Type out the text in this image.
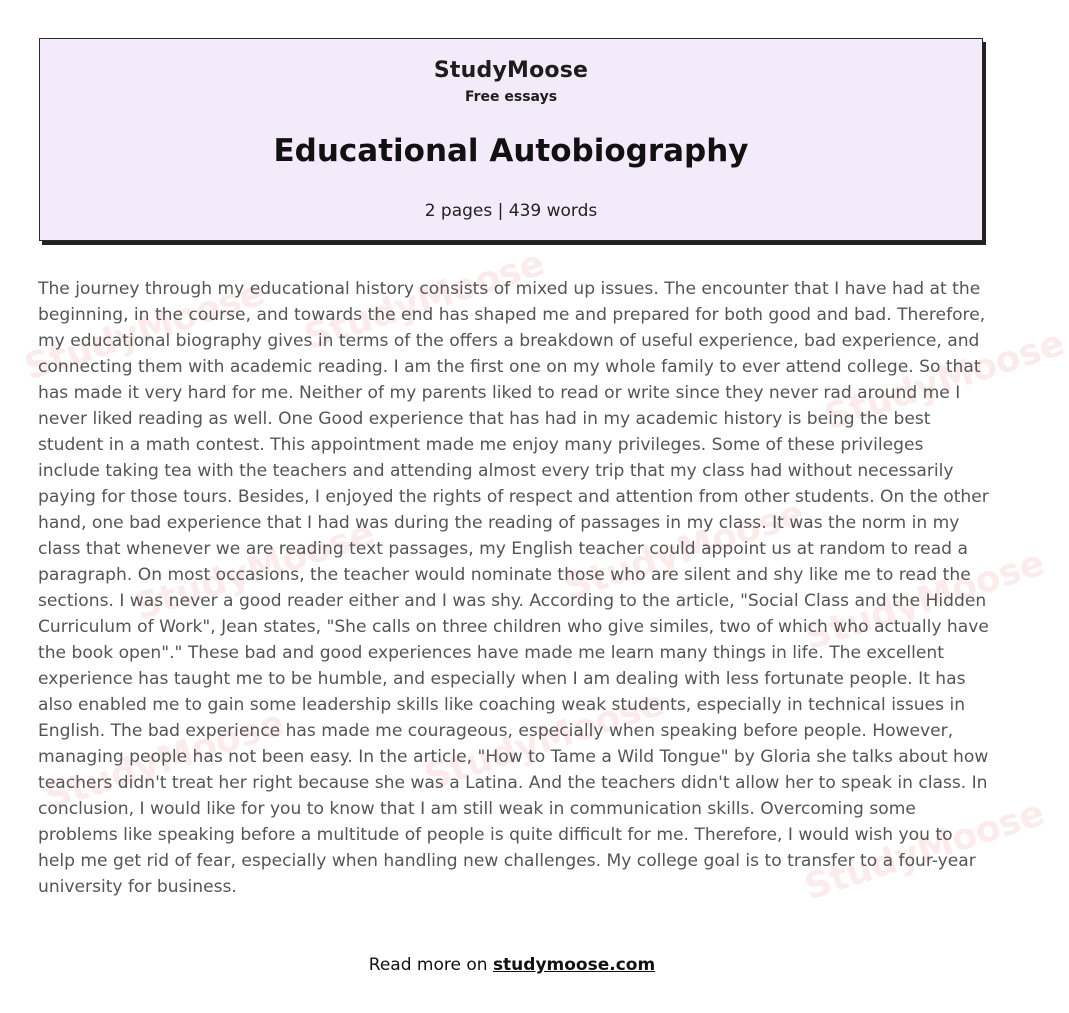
StudyMoose
Free essays
Educational Autobiography
2 pages | 439 words
StudyMoose StudyMoose
StudyMoose
StudyMoose	StudyMoose
StudyMoose
StudyMoose	StudyMoose
StudyMoose

The journey through my educational history consists of mixed up issues. The encounter that I have had at the beginning, in the course, and towards the end has shaped me and prepared for both good and bad. Therefore, my educational biography gives in terms of the offers a breakdown of useful experience, bad experience, and connecting them with academic reading. I am the first one on my whole family to ever attend college. So that has made it very hard for me. Neither of my parents liked to read or write since they never rad around me I never liked reading as well. One Good experience that has had in my academic history is being the best student in a math contest. This appointment made me enjoy many privileges. Some of these privileges include taking tea with the teachers and attending almost every trip that my class had without necessarily paying for those tours. Besides, I enjoyed the rights of respect and attention from other students. On the other hand, one bad experience that I had was during the reading of passages in my class. It was the norm in my class that whenever we are reading text passages, my English teacher could appoint us at random to read a paragraph. On most occasions, the teacher would nominate those who are silent and shy like me to read the sections. I was never a good reader either and I was shy. According to the article, "Social Class and the Hidden Curriculum of Work", Jean states, "She calls on three children who give similes, two of which who actually have the book open"." These bad and good experiences have made me learn many things in life. The excellent experience has taught me to be humble, and especially when I am dealing with less fortunate people. It has also enabled me to gain some leadership skills like coaching weak students, especially in technical issues in English. The bad experience has made me courageous, especially when speaking before people. However, managing people has not been easy. In the article, "How to Tame a Wild Tongue" by Gloria she talks about how teachers didn't treat her right because she was a Latina. And the teachers didn't allow her to speak in class. In conclusion, I would like for you to know that I am still weak in communication skills. Overcoming some problems like speaking before a multitude of people is quite difficult for me. Therefore, I would wish you to help me get rid of fear, especially when handling new challenges. My college goal is to transfer to a four-year university for business.

Read more on studymoose.com
